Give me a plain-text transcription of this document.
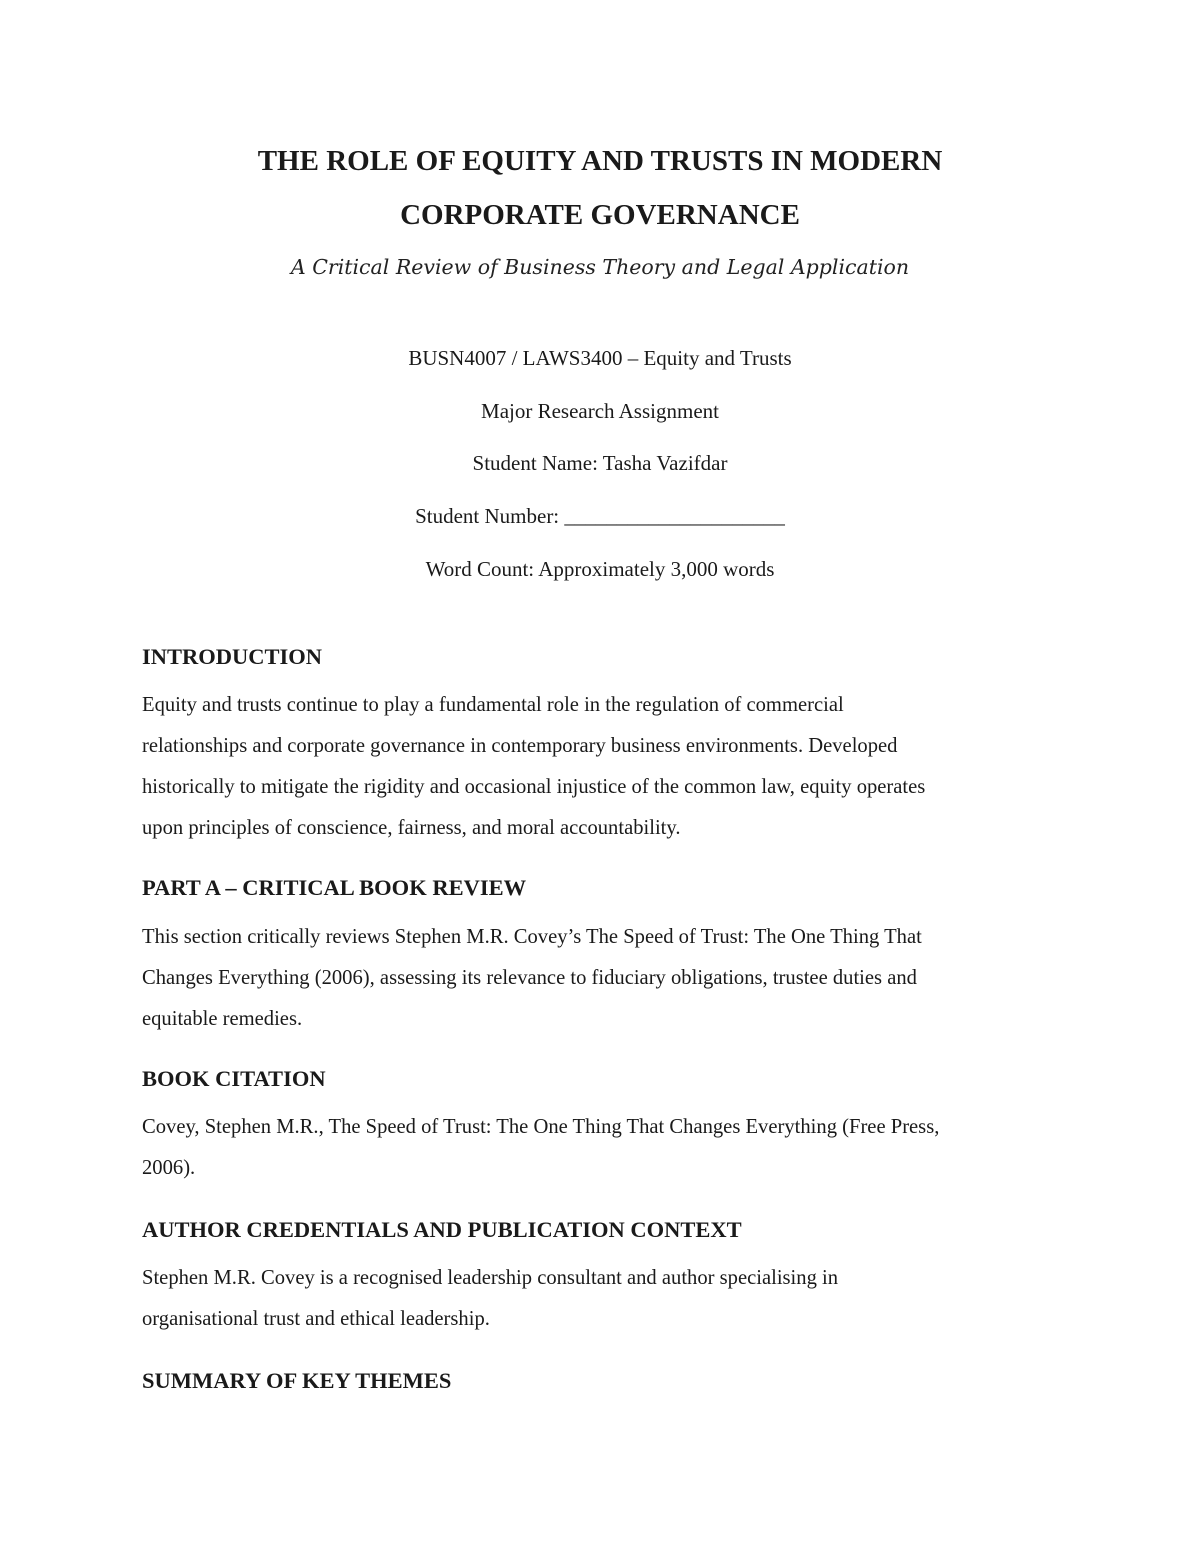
THE ROLE OF EQUITY AND TRUSTS IN MODERN
CORPORATE GOVERNANCE

A Critical Review of Business Theory and Legal Application

BUSN4007 / LAWS3400 – Equity and Trusts

Major Research Assignment

Student Name: Tasha Vazifdar

Student Number: _____________________

Word Count: Approximately 3,000 words

INTRODUCTION
Equity and trusts continue to play a fundamental role in the regulation of commercial
relationships and corporate governance in contemporary business environments. Developed
historically to mitigate the rigidity and occasional injustice of the common law, equity operates
upon principles of conscience, fairness, and moral accountability.
PART A – CRITICAL BOOK REVIEW
This section critically reviews Stephen M.R. Covey’s The Speed of Trust: The One Thing That
Changes Everything (2006), assessing its relevance to fiduciary obligations, trustee duties and
equitable remedies.
BOOK CITATION
Covey, Stephen M.R., The Speed of Trust: The One Thing That Changes Everything (Free Press,
2006).
AUTHOR CREDENTIALS AND PUBLICATION CONTEXT
Stephen M.R. Covey is a recognised leadership consultant and author specialising in
organisational trust and ethical leadership.
SUMMARY OF KEY THEMES
